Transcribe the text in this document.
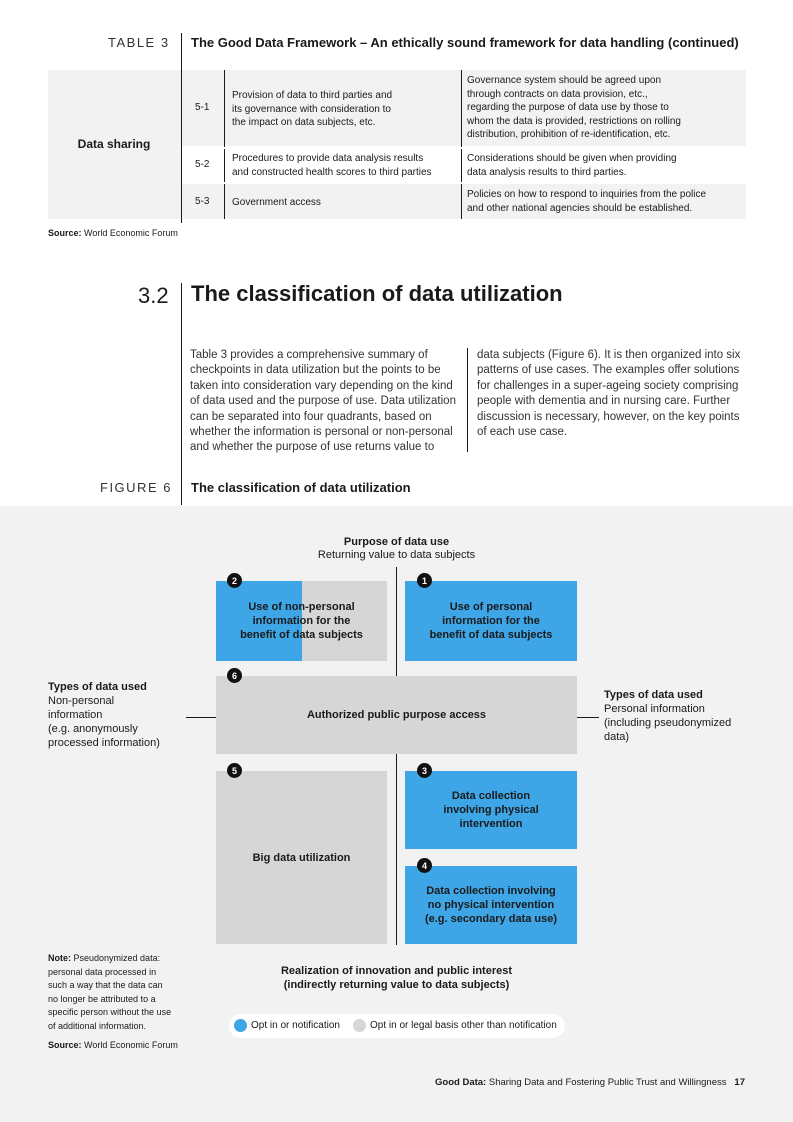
TABLE 3 The Good Data Framework – An ethically sound framework for data handling (continued)
Data sharing
5-1
Provision of data to third parties and
its governance with consideration to
the impact on data subjects, etc.
Governance system should be agreed upon
through contracts on data provision, etc.,
regarding the purpose of data use by those to
whom the data is provided, restrictions on rolling
distribution, prohibition of re-identification, etc.
5-2
Procedures to provide data analysis results
and constructed health scores to third parties
Considerations should be given when providing
data analysis results to third parties.
5-3 Government access
Policies on how to respond to inquiries from the police
and other national agencies should be established.
Source: World Economic Forum
3.2 The classification of data utilization
Table 3 provides a comprehensive summary of
checkpoints in data utilization but the points to be
taken into consideration vary depending on the kind
of data used and the purpose of use. Data utilization
can be separated into four quadrants, based on
whether the information is personal or non-personal
and whether the purpose of use returns value to
data subjects (Figure 6). It is then organized into six
patterns of use cases. The examples offer solutions
for challenges in a super-ageing society comprising
people with dementia and in nursing care. Further
discussion is necessary, however, on the key points
of each use case.
FIGURE 6 The classification of data utilization
Purpose of data use
Returning value to data subjects
Use of non-personal
information for the
benefit of data subjects
2
Use of personal
information for the
benefit of data subjects
1
Authorized public purpose access
6
Big data utilization
5
Data collection
involving physical
intervention
3
Data collection involving
no physical intervention
(e.g. secondary data use)
4
Types of data used
Non-personal
information
(e.g. anonymously
processed information)
Types of data used
Personal information
(including pseudonymized
data)
Realization of innovation and public interest
(indirectly returning value to data subjects)
Note: Pseudonymized data:
personal data processed in
such a way that the data can
no longer be attributed to a
specific person without the use
of additional information.
Source: World Economic Forum
Opt in or notification	Opt in or legal basis other than notification
Good Data: Sharing Data and Fostering Public Trust and Willingness 17
